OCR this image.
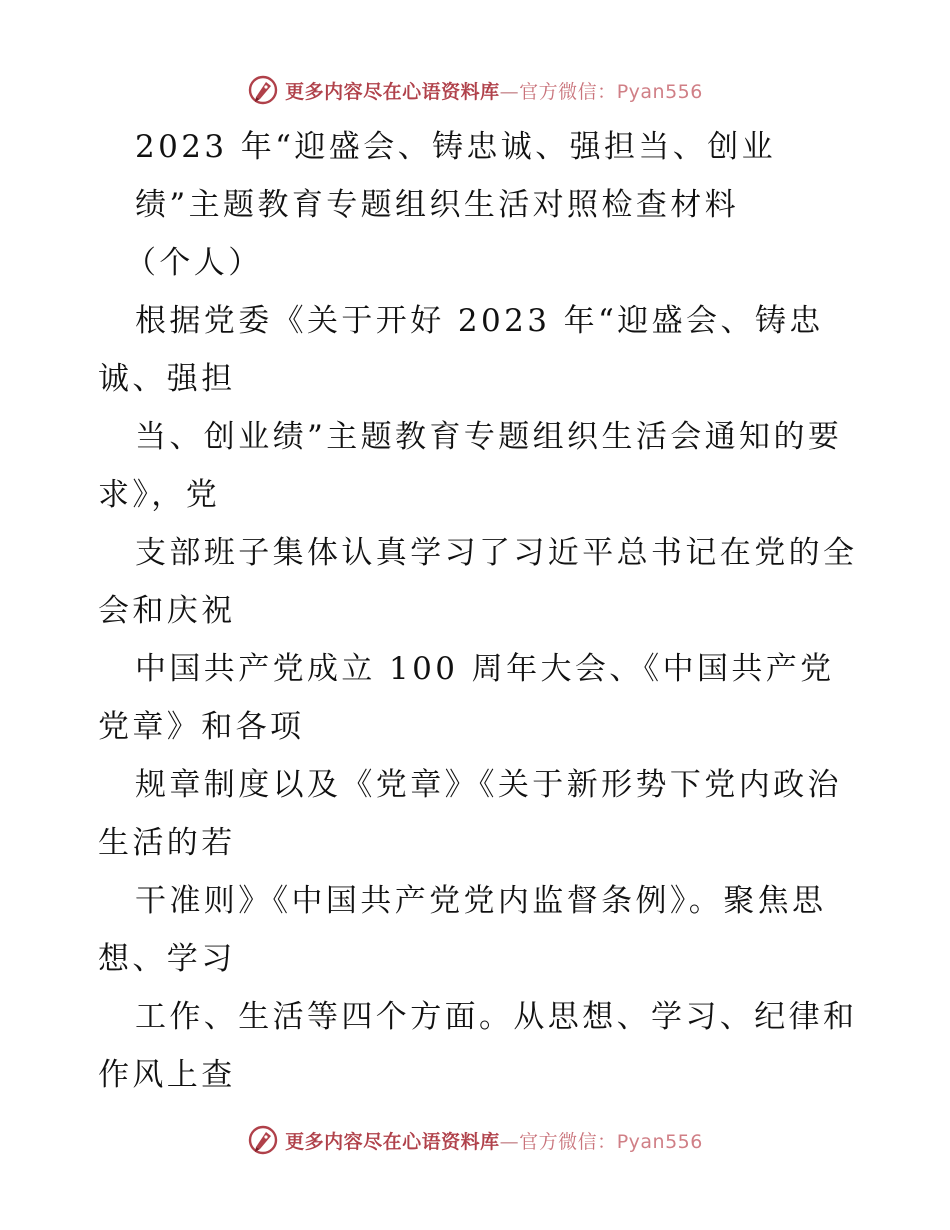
更多内容尽在心语资料库—官方微信：Pyan556
2023 年“迎盛会、铸忠诚、强担当、创业
绩”主题教育专题组织生活对照检查材料
（个人）
根据党委《关于开好 2023 年“迎盛会、铸忠
诚、强担
当、创业绩”主题教育专题组织生活会通知的要
求》，党
支部班子集体认真学习了习近平总书记在党的全
会和庆祝
中国共产党成立 100 周年大会、《中国共产党
党章》和各项
规章制度以及《党章》《关于新形势下党内政治
生活的若
干准则》《中国共产党党内监督条例》。聚焦思
想、学习
工作、生活等四个方面。从思想、学习、纪律和
作风上查
更多内容尽在心语资料库—官方微信：Pyan556
